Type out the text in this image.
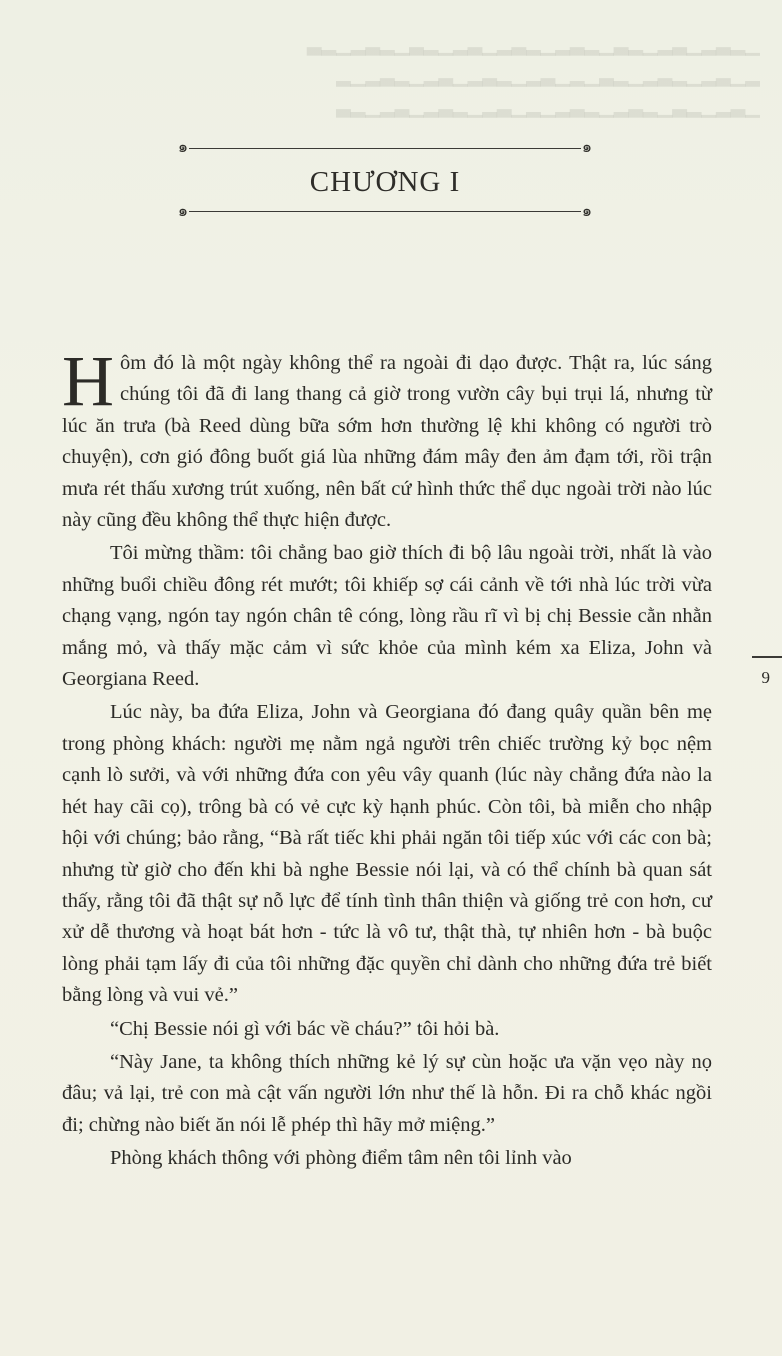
▁▂▃▂▁▃▂▁▂▃▁▂▃▂▁▂▃▂▁▃▂▁▂▃▁▂▃▂▁▂▃
▂▁▃▂▁▂▃▂▁▂▃▁▂▁▃▂▁▂▃▂▁▃▂▁▂▃▂▁▂
▁▃▂▁▂▃▁▂▃▂▁▂▃▂▁▂▁▃▂▁▂▃▂▁▃▂▁▂▃
๑	๑
๑	๑
CHƯƠNG I

Hôm đó là một ngày không thể ra ngoài đi dạo được. Thật ra, lúc sáng chúng tôi đã đi lang thang cả giờ trong vườn cây bụi trụi lá, nhưng từ lúc ăn trưa (bà Reed dùng bữa sớm hơn thường lệ khi không có người trò chuyện), cơn gió đông buốt giá lùa những đám mây đen ảm đạm tới, rồi trận mưa rét thấu xương trút xuống, nên bất cứ hình thức thể dục ngoài trời nào lúc này cũng đều không thể thực hiện được.

Tôi mừng thầm: tôi chẳng bao giờ thích đi bộ lâu ngoài trời, nhất là vào những buổi chiều đông rét mướt; tôi khiếp sợ cái cảnh về tới nhà lúc trời vừa chạng vạng, ngón tay ngón chân tê cóng, lòng rầu rĩ vì bị chị Bessie cằn nhằn mắng mỏ, và thấy mặc cảm vì sức khỏe của mình kém xa Eliza, John và Georgiana Reed.

Lúc này, ba đứa Eliza, John và Georgiana đó đang quây quần bên mẹ trong phòng khách: người mẹ nằm ngả người trên chiếc trường kỷ bọc nệm cạnh lò sưởi, và với những đứa con yêu vây quanh (lúc này chẳng đứa nào la hét hay cãi cọ), trông bà có vẻ cực kỳ hạnh phúc. Còn tôi, bà miễn cho nhập hội với chúng; bảo rằng, “Bà rất tiếc khi phải ngăn tôi tiếp xúc với các con bà; nhưng từ giờ cho đến khi bà nghe Bessie nói lại, và có thể chính bà quan sát thấy, rằng tôi đã thật sự nỗ lực để tính tình thân thiện và giống trẻ con hơn, cư xử dễ thương và hoạt bát hơn - tức là vô tư, thật thà, tự nhiên hơn - bà buộc lòng phải tạm lấy đi của tôi những đặc quyền chỉ dành cho những đứa trẻ biết bằng lòng và vui vẻ.”

“Chị Bessie nói gì với bác về cháu?” tôi hỏi bà.

“Này Jane, ta không thích những kẻ lý sự cùn hoặc ưa vặn vẹo này nọ đâu; vả lại, trẻ con mà cật vấn người lớn như thế là hỗn. Đi ra chỗ khác ngồi đi; chừng nào biết ăn nói lễ phép thì hãy mở miệng.”

Phòng khách thông với phòng điểm tâm nên tôi lỉnh vào

9
